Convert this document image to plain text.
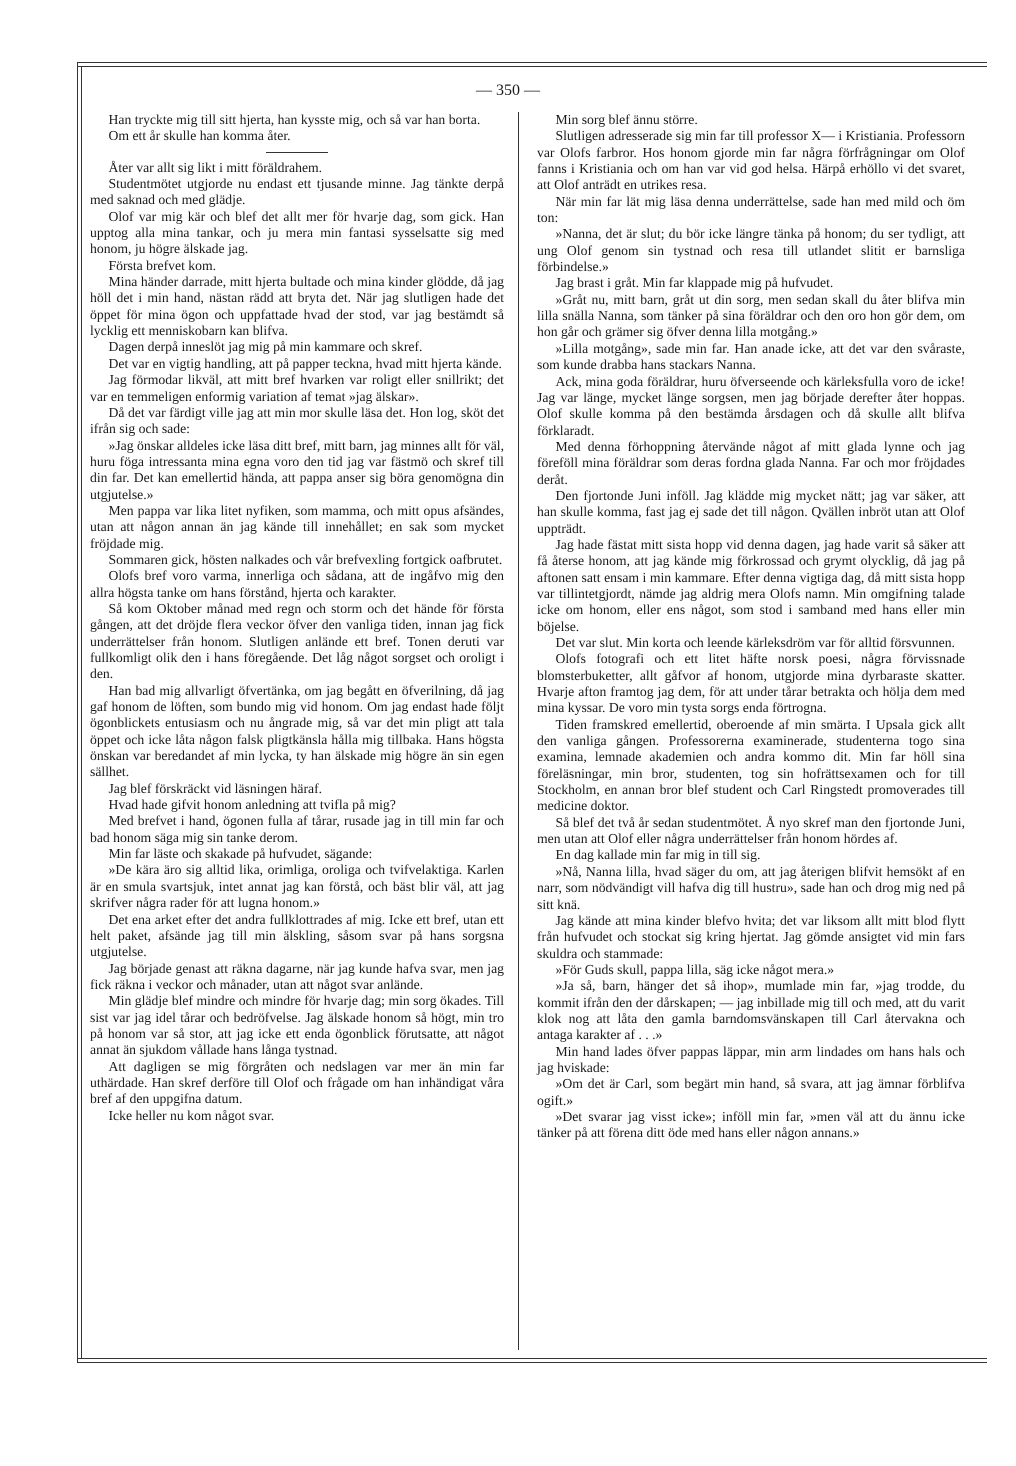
— 350 —

Han tryckte mig till sitt hjerta, han kysste mig, och så var han borta.

Om ett år skulle han komma åter.

Åter var allt sig likt i mitt föräldrahem.

Studentmötet utgjorde nu endast ett tjusande minne. Jag tänkte derpå med saknad och med glädje.

Olof var mig kär och blef det allt mer för hvarje dag, som gick. Han upptog alla mina tankar, och ju mera min fantasi sysselsatte sig med honom, ju högre älskade jag.

Första brefvet kom.

Mina händer darrade, mitt hjerta bultade och mina kinder glödde, då jag höll det i min hand, nästan rädd att bryta det. När jag slutligen hade det öppet för mina ögon och uppfattade hvad der stod, var jag bestämdt så lycklig ett menniskobarn kan blifva.

Dagen derpå inneslöt jag mig på min kammare och skref.

Det var en vigtig handling, att på papper teckna, hvad mitt hjerta kände.

Jag förmodar likväl, att mitt bref hvarken var roligt eller snillrikt; det var en temmeligen enformig variation af temat »jag älskar».

Då det var färdigt ville jag att min mor skulle läsa det. Hon log, sköt det ifrån sig och sade:

»Jag önskar alldeles icke läsa ditt bref, mitt barn, jag minnes allt för väl, huru föga intressanta mina egna voro den tid jag var fästmö och skref till din far. Det kan emellertid hända, att pappa anser sig böra genomögna din utgjutelse.»

Men pappa var lika litet nyfiken, som mamma, och mitt opus afsändes, utan att någon annan än jag kände till innehållet; en sak som mycket fröjdade mig.

Sommaren gick, hösten nalkades och vår brefvexling fortgick oafbrutet.

Olofs bref voro varma, innerliga och sådana, att de ingåfvo mig den allra högsta tanke om hans förstånd, hjerta och karakter.

Så kom Oktober månad med regn och storm och det hände för första gången, att det dröjde flera veckor öfver den vanliga tiden, innan jag fick underrättelser från honom. Slutligen anlände ett bref. Tonen deruti var fullkomligt olik den i hans föregående. Det låg något sorgset och oroligt i den.

Han bad mig allvarligt öfvertänka, om jag begått en öfverilning, då jag gaf honom de löften, som bundo mig vid honom. Om jag endast hade följt ögonblickets entusiasm och nu ångrade mig, så var det min pligt att tala öppet och icke låta någon falsk pligtkänsla hålla mig tillbaka. Hans högsta önskan var beredandet af min lycka, ty han älskade mig högre än sin egen sällhet.

Jag blef förskräckt vid läsningen häraf.

Hvad hade gifvit honom anledning att tvifla på mig?

Med brefvet i hand, ögonen fulla af tårar, rusade jag in till min far och bad honom säga mig sin tanke derom.

Min far läste och skakade på hufvudet, sägande:

»De kära äro sig alltid lika, orimliga, oroliga och tvifvelaktiga. Karlen är en smula svartsjuk, intet annat jag kan förstå, och bäst blir väl, att jag skrifver några rader för att lugna honom.»

Det ena arket efter det andra fullklottrades af mig. Icke ett bref, utan ett helt paket, afsände jag till min älskling, såsom svar på hans sorgsna utgjutelse.

Jag började genast att räkna dagarne, när jag kunde hafva svar, men jag fick räkna i veckor och månader, utan att något svar anlände.

Min glädje blef mindre och mindre för hvarje dag; min sorg ökades. Till sist var jag idel tårar och bedröfvelse. Jag älskade honom så högt, min tro på honom var så stor, att jag icke ett enda ögonblick förutsatte, att något annat än sjukdom vållade hans långa tystnad.

Att dagligen se mig förgråten och nedslagen var mer än min far uthärdade. Han skref derföre till Olof och frågade om han inhändigat våra bref af den uppgifna datum.

Icke heller nu kom något svar.

Min sorg blef ännu större.

Slutligen adresserade sig min far till professor X— i Kristiania. Professorn var Olofs farbror. Hos honom gjorde min far några förfrågningar om Olof fanns i Kristiania och om han var vid god helsa. Härpå erhöllo vi det svaret, att Olof anträdt en utrikes resa.

När min far lät mig läsa denna underrättelse, sade han med mild och öm ton:

»Nanna, det är slut; du bör icke längre tänka på honom; du ser tydligt, att ung Olof genom sin tystnad och resa till utlandet slitit er barnsliga förbindelse.»

Jag brast i gråt. Min far klappade mig på hufvudet.

»Gråt nu, mitt barn, gråt ut din sorg, men sedan skall du åter blifva min lilla snälla Nanna, som tänker på sina föräldrar och den oro hon gör dem, om hon går och grämer sig öfver denna lilla motgång.»

»Lilla motgång», sade min far. Han anade icke, att det var den svåraste, som kunde drabba hans stackars Nanna.

Ack, mina goda föräldrar, huru öfverseende och kärleksfulla voro de icke! Jag var länge, mycket länge sorgsen, men jag började derefter åter hoppas. Olof skulle komma på den bestämda årsdagen och då skulle allt blifva förklaradt.

Med denna förhoppning återvände något af mitt glada lynne och jag föreföll mina föräldrar som deras fordna glada Nanna. Far och mor fröjdades deråt.

Den fjortonde Juni inföll. Jag klädde mig mycket nätt; jag var säker, att han skulle komma, fast jag ej sade det till någon. Qvällen inbröt utan att Olof uppträdt.

Jag hade fästat mitt sista hopp vid denna dagen, jag hade varit så säker att få återse honom, att jag kände mig förkrossad och grymt olycklig, då jag på aftonen satt ensam i min kammare. Efter denna vigtiga dag, då mitt sista hopp var tillintetgjordt, nämde jag aldrig mera Olofs namn. Min omgifning talade icke om honom, eller ens något, som stod i samband med hans eller min böjelse.

Det var slut. Min korta och leende kärleksdröm var för alltid försvunnen.

Olofs fotografi och ett litet häfte norsk poesi, några förvissnade blomsterbuketter, allt gåfvor af honom, utgjorde mina dyrbaraste skatter. Hvarje afton framtog jag dem, för att under tårar betrakta och hölja dem med mina kyssar. De voro min tysta sorgs enda förtrogna.

Tiden framskred emellertid, oberoende af min smärta. I Upsala gick allt den vanliga gången. Professorerna examinerade, studenterna togo sina examina, lemnade akademien och andra kommo dit. Min far höll sina föreläsningar, min bror, studenten, tog sin hofrättsexamen och for till Stockholm, en annan bror blef student och Carl Ringstedt promoverades till medicine doktor.

Så blef det två år sedan studentmötet. Å nyo skref man den fjortonde Juni, men utan att Olof eller några underrättelser från honom hördes af.

En dag kallade min far mig in till sig.

»Nå, Nanna lilla, hvad säger du om, att jag återigen blifvit hemsökt af en narr, som nödvändigt vill hafva dig till hustru», sade han och drog mig ned på sitt knä.

Jag kände att mina kinder blefvo hvita; det var liksom allt mitt blod flytt från hufvudet och stockat sig kring hjertat. Jag gömde ansigtet vid min fars skuldra och stammade:

»För Guds skull, pappa lilla, säg icke något mera.»

»Ja så, barn, hänger det så ihop», mumlade min far, »jag trodde, du kommit ifrån den der dårskapen; — jag inbillade mig till och med, att du varit klok nog att låta den gamla barndomsvänskapen till Carl återvakna och antaga karakter af . . .»

Min hand lades öfver pappas läppar, min arm lindades om hans hals och jag hviskade:

»Om det är Carl, som begärt min hand, så svara, att jag ämnar förblifva ogift.»

»Det svarar jag visst icke»; inföll min far, »men väl att du ännu icke tänker på att förena ditt öde med hans eller någon annans.»
